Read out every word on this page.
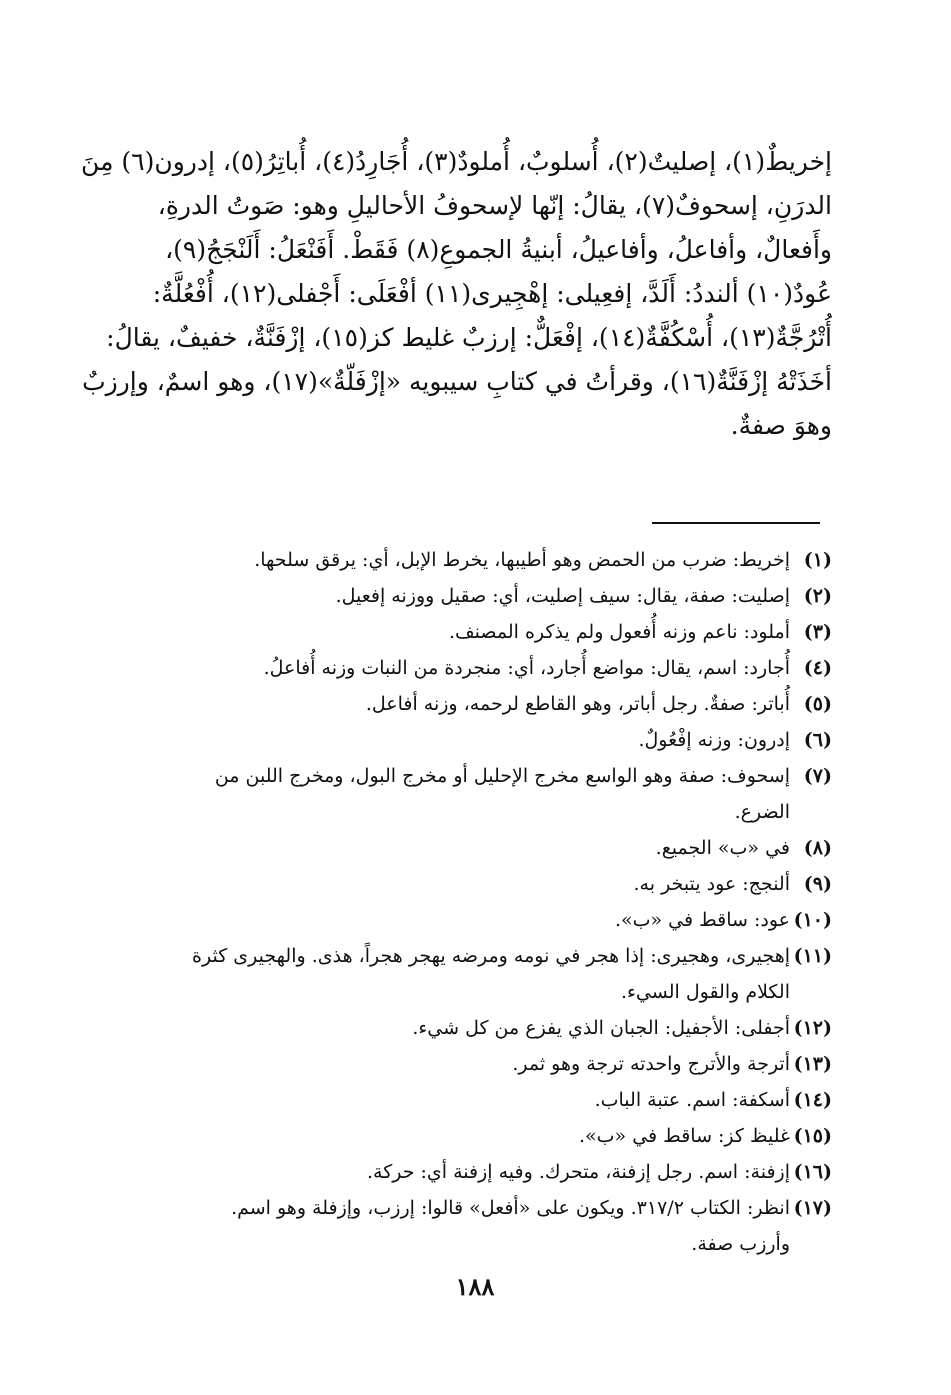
إخريطٌ(١)، إصليتٌ(٢)، أُسلوبٌ، أُملودٌ(٣)، أُجَارِدُ(٤)، أُباتِرُ(٥)، إدرون(٦) مِنَ
الدرَنِ، إسحوفٌ(٧)، يقالُ: إنّها لإسحوفُ الأحاليلِ وهو: صَوتُ الدرةِ،
وأَفعالٌ، وأفاعلُ، وأفاعيلُ، أبنيةُ الجموعِ(٨) فَقَطْ. أَفَنْعَلُ: أَلَنْجَجُ(٩)،
عُودٌ(١٠) ألنددُ: أَلَدَّ، إفعِيلى: إهْجِيرى(١١) أفْعَلَى: أَجْفلى(١٢)، أُفْعُلَّةٌ:
أُتْرُجَّةٌ(١٣)، أُسْكُفَّةٌ(١٤)، إفْعَلٌّ: إرزبٌ غليط كز(١٥)، إزْفَنَّةٌ، خفيفٌ، يقالُ:
أخَذَتْهُ إزْفَنَّةٌ(١٦)، وقرأتُ في كتابِ سيبويه «إزْفَلّةٌ»(١٧)، وهو اسمٌ، وإرزبٌ
وهوَ صفةٌ.
(١)
إخريط: ضرب من الحمض وهو أطيبها، يخرط الإبل، أي: يرقق سلحها.
(٢)
إصليت: صفة، يقال: سيف إصليت، أي: صقيل ووزنه إفعيل.
(٣)
أملود: ناعم وزنه أُفعول ولم يذكره المصنف.
(٤)
أُجارد: اسم، يقال: مواضع أُجارد، أي: منجردة من النبات وزنه أُفاعلُ.
(٥)
أُباتر: صفةٌ. رجل أباتر، وهو القاطع لرحمه، وزنه أفاعل.
(٦)
إدرون: وزنه إفْعُولٌ.
(٧)
إسحوف: صفة وهو الواسع مخرج الإحليل أو مخرج البول، ومخرج اللبن من
الضرع.
(٨)
في «ب» الجميع.
(٩)
ألنجج: عود يتبخر به.
(١٠)
عود: ساقط في «ب».
(١١)
إهجيرى، وهجيرى: إذا هجر في نومه ومرضه يهجر هجراً، هذى. والهجيرى كثرة
الكلام والقول السيء.
(١٢)
أجفلى: الأجفيل: الجبان الذي يفزع من كل شيء.
(١٣)
أترجة والأترج واحدته ترجة وهو ثمر.
(١٤)
أسكفة: اسم. عتبة الباب.
(١٥)
غليظ كز: ساقط في «ب».
(١٦)
إزفنة: اسم. رجل إزفنة، متحرك. وفيه إزفنة أي: حركة.
(١٧)
انظر: الكتاب ٣١٧/٢. ويكون على «أفعل» قالوا: إرزب، وإزفلة وهو اسم.
وأرزب صفة.
١٨٨
